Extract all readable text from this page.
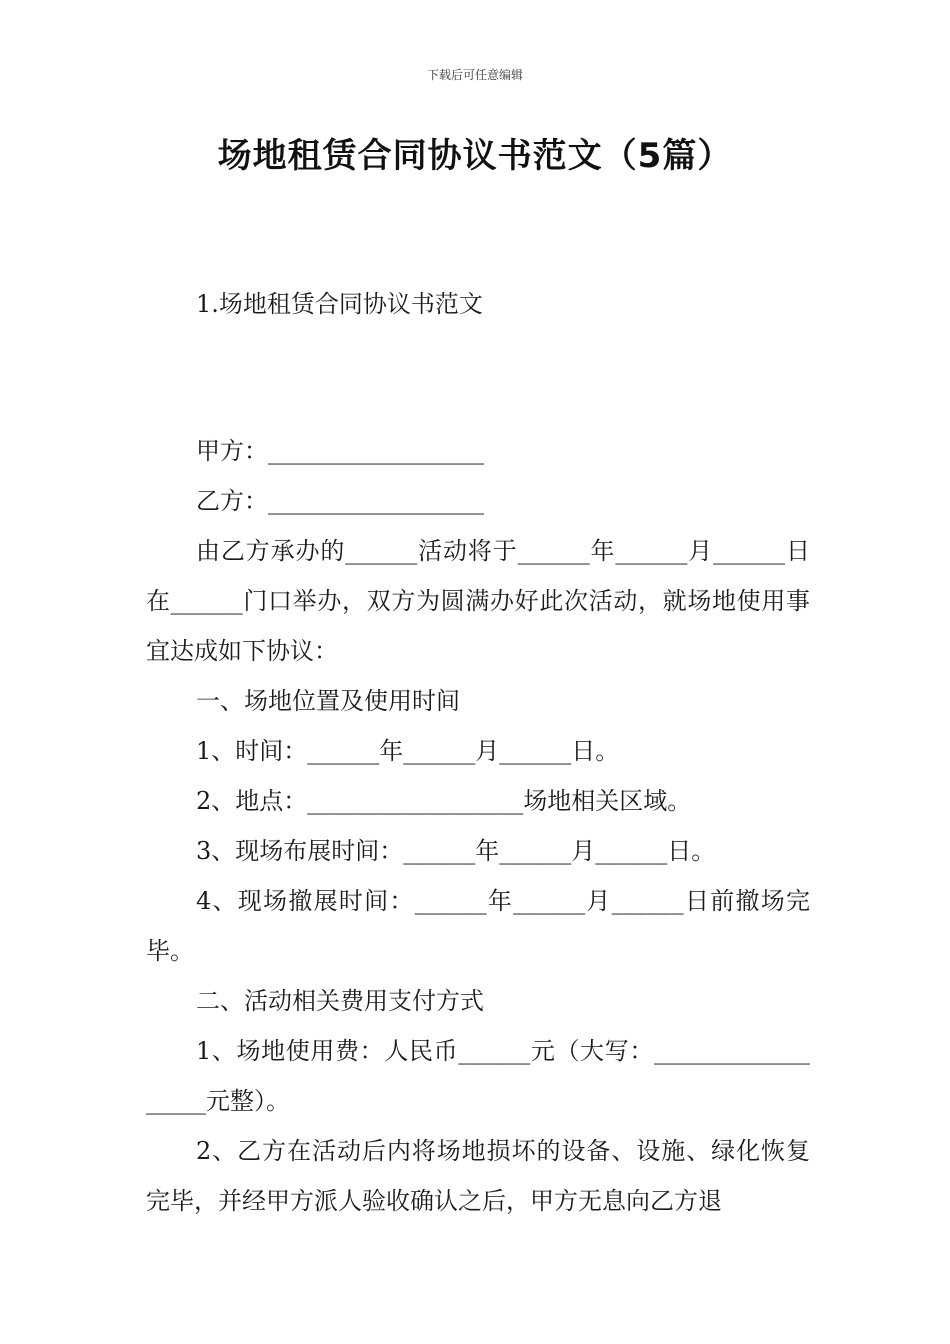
下载后可任意编辑
场地租赁合同协议书范文（5篇）
1.场地租赁合同协议书范文

甲方：__________________

乙方：__________________

由乙方承办的______活动将于______年______月______日在______门口举办，双方为圆满办好此次活动，就场地使用事宜达成如下协议：

一、场地位置及使用时间

1、时间：______年______月______日。

2、地点：__________________场地相关区域。

3、现场布展时间：______年______月______日。

4、现场撤展时间：______年______月______日前撤场完毕。

二、活动相关费用支付方式

1、场地使用费：人民币______元（大写：__________________元整）。

2、乙方在活动后内将场地损坏的设备、设施、绿化恢复完毕，并经甲方派人验收确认之后，甲方无息向乙方退
